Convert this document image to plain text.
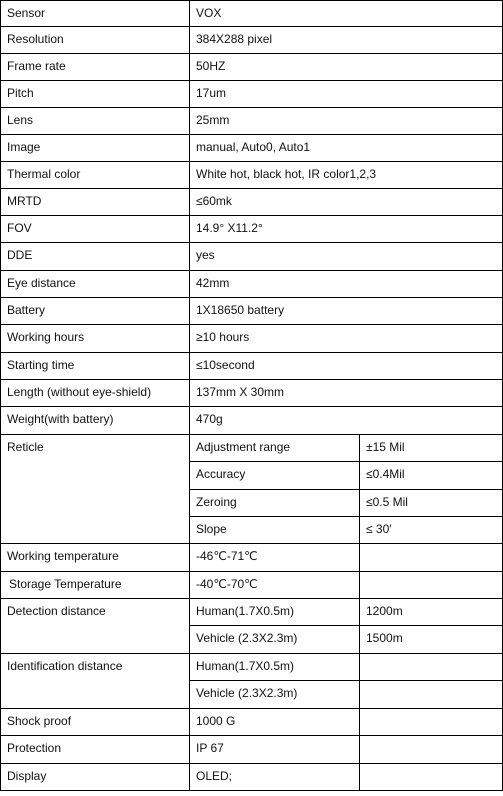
Sensor	VOX	
Resolution	384X288 pixel	
Frame rate	50HZ	
Pitch	17um	
Lens	25mm	
Image	manual, Auto0, Auto1	
Thermal color	White hot, black hot, IR color1,2,3	
MRTD	≤60mk	
FOV	14.9° X11.2°	
DDE	yes	
Eye distance	42mm	
Battery	1X18650 battery	
Working hours	≥10 hours	
Starting time	≤10second	
Length (without eye-shield)	137mm X 30mm	
Weight(with battery)	470g	
Reticle	Adjustment range	±15 Mil
	Accuracy	≤0.4Mil
	Zeroing	≤0.5 Mil
	Slope	≤ 30′
Working temperature	-46℃-71℃	
Storage Temperature	-40℃-70℃	
Detection distance	Human(1.7X0.5m)	1200m
	Vehicle (2.3X2.3m)	1500m
Identification distance	Human(1.7X0.5m)	
	Vehicle (2.3X2.3m)	
Shock proof	1000 G	
Protection	IP 67	
Display	OLED;	
